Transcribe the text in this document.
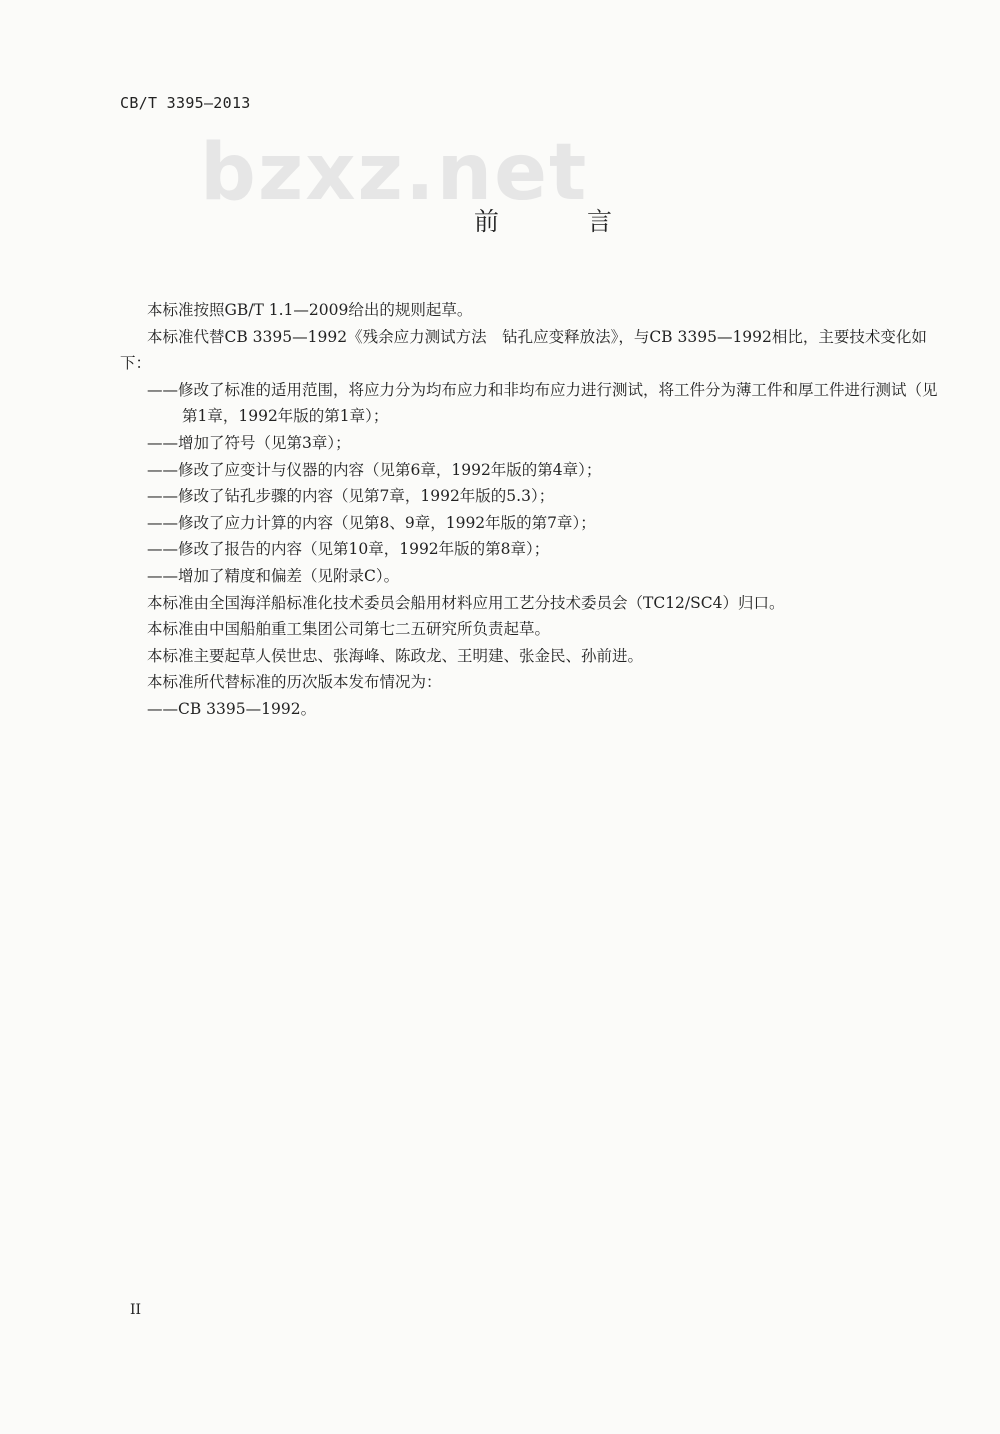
CB/T 3395—2013
bzxz.net
前 言
本标准按照GB/T 1.1—2009给出的规则起草。
本标准代替CB 3395—1992《残余应力测试方法　钻孔应变释放法》，与CB 3395—1992相比，主要技术变化如下：
——修改了标准的适用范围，将应力分为均布应力和非均布应力进行测试，将工件分为薄工件和厚工件进行测试（见第1章，1992年版的第1章）；
——增加了符号（见第3章）；
——修改了应变计与仪器的内容（见第6章，1992年版的第4章）；
——修改了钻孔步骤的内容（见第7章，1992年版的5.3）；
——修改了应力计算的内容（见第8、9章，1992年版的第7章）；
——修改了报告的内容（见第10章，1992年版的第8章）；
——增加了精度和偏差（见附录C）。
本标准由全国海洋船标准化技术委员会船用材料应用工艺分技术委员会（TC12/SC4）归口。
本标准由中国船舶重工集团公司第七二五研究所负责起草。
本标准主要起草人侯世忠、张海峰、陈政龙、王明建、张金民、孙前进。
本标准所代替标准的历次版本发布情况为：
——CB 3395—1992。
II
